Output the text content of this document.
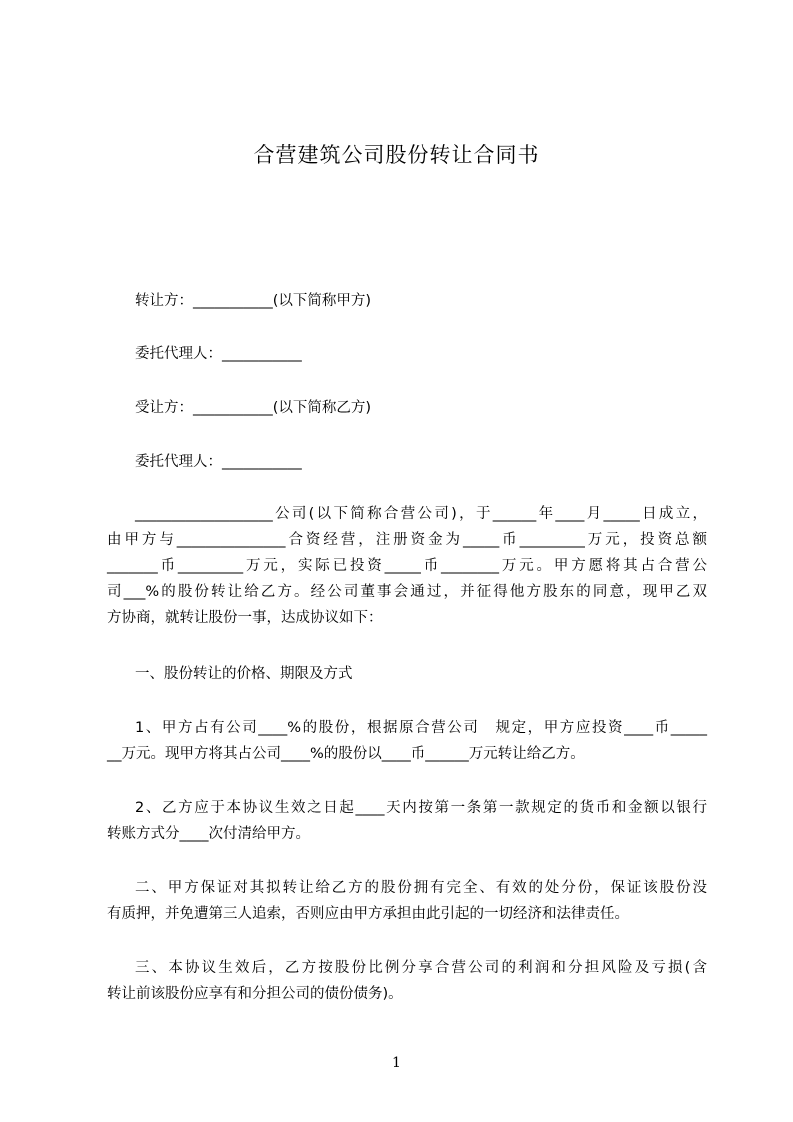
合营建筑公司股份转让合同书
转让方：___________(以下简称甲方)
委托代理人：___________
受让方：___________(以下简称乙方)
委托代理人：___________
___________________公司(以下简称合营公司)，于______年____月_____日成立，
由甲方与_______________合资经营，注册资金为_____币_________万元，投资总额
_______币_________万元，实际已投资_____币________万元。甲方愿将其占合营公
司___%的股份转让给乙方。经公司董事会通过，并征得他方股东的同意，现甲乙双
方协商，就转让股份一事，达成协议如下：
一、股份转让的价格、期限及方式
1、甲方占有公司____%的股份，根据原合营公司　规定，甲方应投资____币_____
__万元。现甲方将其占公司____%的股份以____币______万元转让给乙方。
2、乙方应于本协议生效之日起____天内按第一条第一款规定的货币和金额以银行
转账方式分____次付清给甲方。
二、甲方保证对其拟转让给乙方的股份拥有完全、有效的处分份，保证该股份没
有质押，并免遭第三人追索，否则应由甲方承担由此引起的一切经济和法律责任。
三、本协议生效后，乙方按股份比例分享合营公司的利润和分担风险及亏损(含
转让前该股份应享有和分担公司的债份债务)。
1
